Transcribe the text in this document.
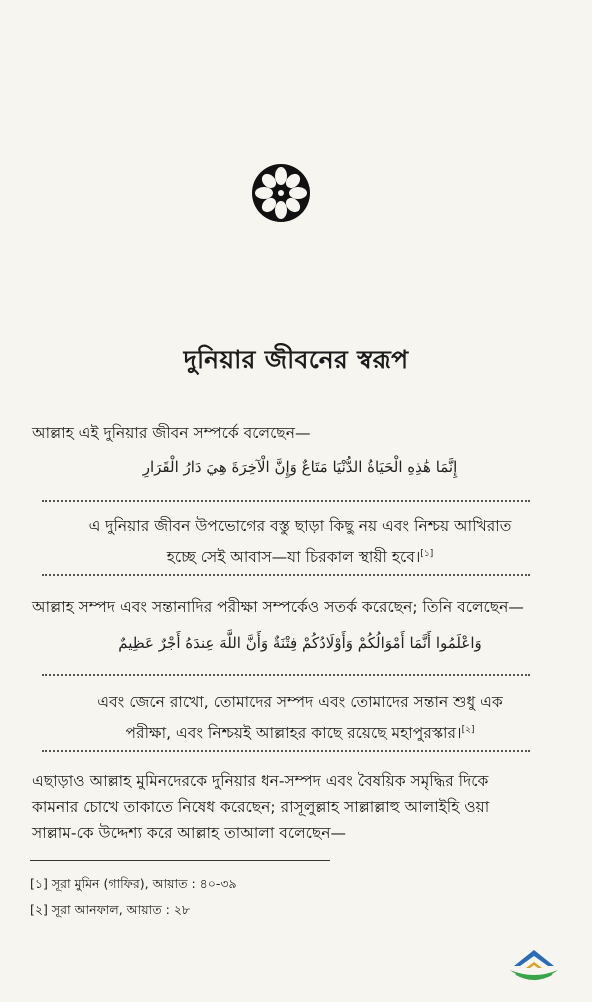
দুনিয়ার জীবনের স্বরূপ
আল্লাহ এই দুনিয়ার জীবন সম্পর্কে বলেছেন—
إِنَّمَا هَٰذِهِ الْحَيَاةُ الدُّنْيَا مَتَاعٌ وَإِنَّ الْآخِرَةَ هِيَ دَارُ الْقَرَارِ
এ দুনিয়ার জীবন উপভোগের বস্তু ছাড়া কিছু নয় এবং নিশ্চয় আখিরাত
হচ্ছে সেই আবাস—যা চিরকাল স্থায়ী হবে।[১]
আল্লাহ সম্পদ এবং সন্তানাদির পরীক্ষা সম্পর্কেও সতর্ক করেছেন; তিনি বলেছেন—
وَاعْلَمُوا أَنَّمَا أَمْوَالُكُمْ وَأَوْلَادُكُمْ فِتْنَةٌ وَأَنَّ اللَّهَ عِندَهُ أَجْرٌ عَظِيمٌ
এবং জেনে রাখো, তোমাদের সম্পদ এবং তোমাদের সন্তান শুধু এক
পরীক্ষা, এবং নিশ্চয়ই আল্লাহর কাছে রয়েছে মহাপুরস্কার।[২]
এছাড়াও আল্লাহ মুমিনদেরকে দুনিয়ার ধন-সম্পদ এবং বৈষয়িক সমৃদ্ধির দিকে
কামনার চোখে তাকাতে নিষেধ করেছেন; রাসূলুল্লাহ সাল্লাল্লাহু আলাইহি ওয়া
সাল্লাম-কে উদ্দেশ্য করে আল্লাহ তাআলা বলেছেন—
[১] সূরা মুমিন (গাফির), আয়াত : ৪০-৩৯
[২] সূরা আনফাল, আয়াত : ২৮
